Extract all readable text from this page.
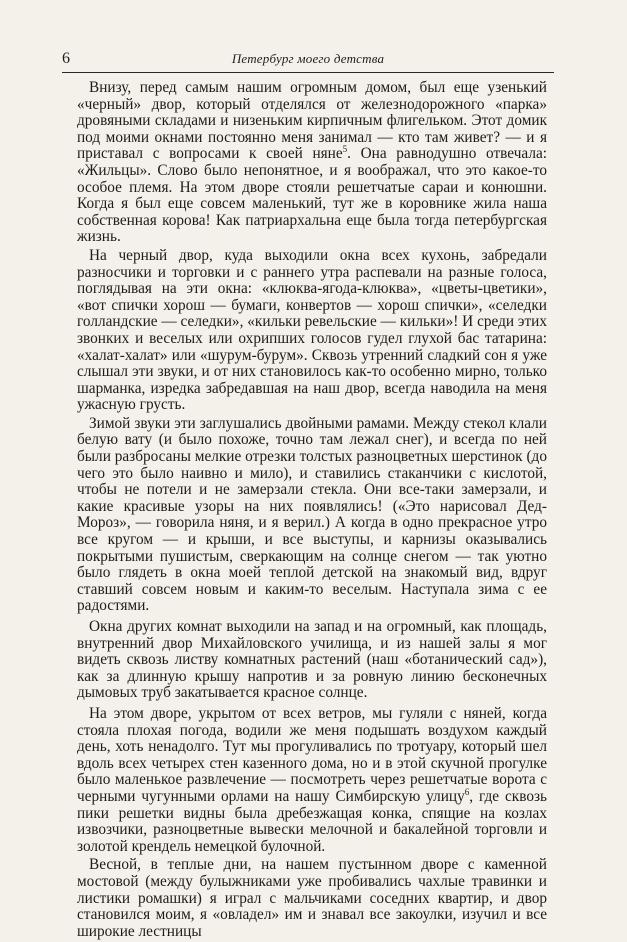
6	Петербург моего детства

Внизу, перед самым нашим огромным домом, был еще узенький «черный» двор, который отделялся от железнодорожного «парка» дровяными складами и низеньким кирпичным флигельком. Этот домик под моими окнами постоянно меня занимал — кто там живет? — и я приставал с вопросами к своей няне$^5$. Она равнодушно отвечала: «Жильцы». Слово было непонятное, и я воображал, что это какое-то особое племя. На этом дворе стояли решетчатые сараи и конюшни. Когда я был еще совсем маленький, тут же в коровнике жила наша собственная корова! Как патриархальна еще была тогда петербургская жизнь.

На черный двор, куда выходили окна всех кухонь, забредали разносчики и торговки и с раннего утра распевали на разные голоса, поглядывая на эти окна: «клюква-ягода-клюква», «цветы-цветики», «вот спички хорош — бумаги, конвертов — хорош спички», «селедки голландские — селедки», «кильки ревельские — кильки»! И среди этих звонких и веселых или охрипших голосов гудел глухой бас татарина: «халат-халат» или «шурум-бурум». Сквозь утренний сладкий сон я уже слышал эти звуки, и от них становилось как-то особенно мирно, только шарманка, изредка забредавшая на наш двор, всегда наводила на меня ужасную грусть.

Зимой звуки эти заглушались двойными рамами. Между стекол клали белую вату (и было похоже, точно там лежал снег), и всегда по ней были разбросаны мелкие отрезки толстых разноцветных шерстинок (до чего это было наивно и мило), и ставились стаканчики с кислотой, чтобы не потели и не замерзали стекла. Они все-таки замерзали, и какие красивые узоры на них появлялись! («Это нарисовал Дед-Мороз», — говорила няня, и я верил.) А когда в одно прекрасное утро все кругом — и крыши, и все выступы, и карнизы оказывались покрытыми пушистым, сверкающим на солнце снегом — так уютно было глядеть в окна моей теплой детской на знакомый вид, вдруг ставший совсем новым и каким-то веселым. Наступала зима с ее радостями.

Окна других комнат выходили на запад и на огромный, как площадь, внутренний двор Михайловского училища, и из нашей залы я мог видеть сквозь листву комнатных растений (наш «ботанический сад»), как за длинную крышу напротив и за ровную линию бесконечных дымовых труб закатывается красное солнце.

На этом дворе, укрытом от всех ветров, мы гуляли с няней, когда стояла плохая погода, водили же меня подышать воздухом каждый день, хоть ненадолго. Тут мы прогуливались по тротуару, который шел вдоль всех четырех стен казенного дома, но и в этой скучной прогулке было маленькое развлечение — посмотреть через решетчатые ворота с черными чугунными орлами на нашу Симбирскую улицу$^6$, где сквозь пики решетки видны была дребезжащая конка, спящие на козлах извозчики, разноцветные вывески мелочной и бакалейной торговли и золотой крендель немецкой булочной.

Весной, в теплые дни, на нашем пустынном дворе с каменной мостовой (между булыжниками уже пробивались чахлые травинки и листики ромашки) я играл с мальчиками соседних квартир, и двор становился моим, я «овладел» им и знавал все закоулки, изучил и все широкие лестницы
